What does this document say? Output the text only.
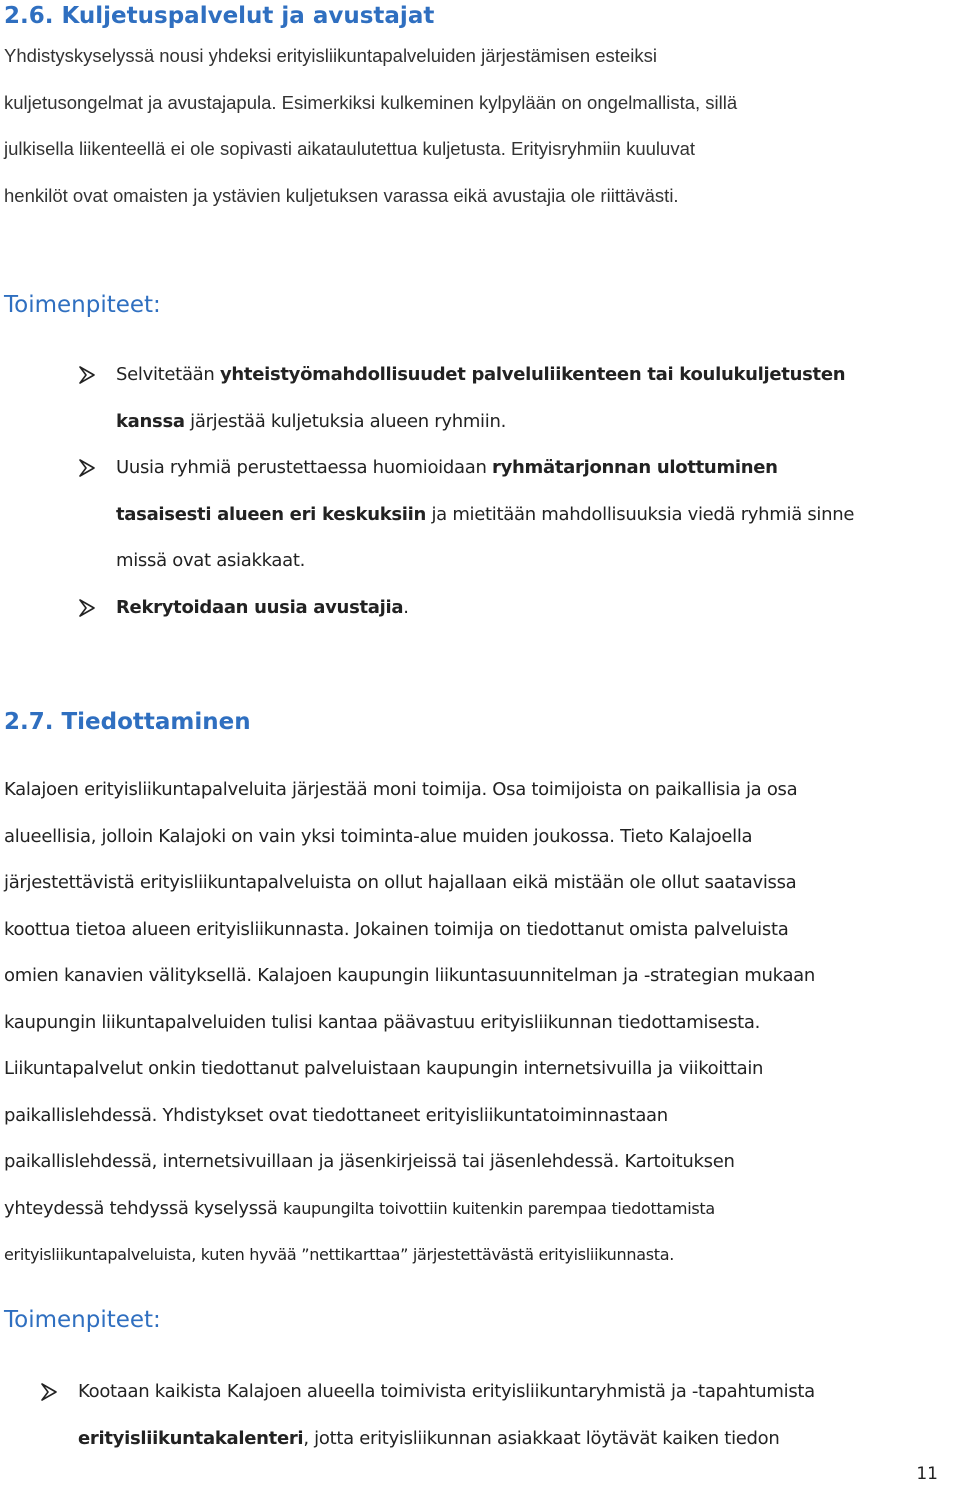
2.6. Kuljetuspalvelut ja avustajat
Yhdistyskyselyssä nousi yhdeksi erityisliikuntapalveluiden järjestämisen esteiksi
kuljetusongelmat ja avustajapula. Esimerkiksi kulkeminen kylpylään on ongelmallista, sillä
julkisella liikenteellä ei ole sopivasti aikataulutettua kuljetusta. Erityisryhmiin kuuluvat
henkilöt ovat omaisten ja ystävien kuljetuksen varassa eikä avustajia ole riittävästi.
Toimenpiteet:
Selvitetään yhteistyömahdollisuudet palveluliikenteen tai koulukuljetusten
kanssa järjestää kuljetuksia alueen ryhmiin.
Uusia ryhmiä perustettaessa huomioidaan ryhmätarjonnan ulottuminen
tasaisesti alueen eri keskuksiin ja mietitään mahdollisuuksia viedä ryhmiä sinne
missä ovat asiakkaat.
Rekrytoidaan uusia avustajia.
2.7. Tiedottaminen
Kalajoen erityisliikuntapalveluita järjestää moni toimija. Osa toimijoista on paikallisia ja osa
alueellisia, jolloin Kalajoki on vain yksi toiminta-alue muiden joukossa. Tieto Kalajoella
järjestettävistä erityisliikuntapalveluista on ollut hajallaan eikä mistään ole ollut saatavissa
koottua tietoa alueen erityisliikunnasta. Jokainen toimija on tiedottanut omista palveluista
omien kanavien välityksellä. Kalajoen kaupungin liikuntasuunnitelman ja -strategian mukaan
kaupungin liikuntapalveluiden tulisi kantaa päävastuu erityisliikunnan tiedottamisesta.
Liikuntapalvelut onkin tiedottanut palveluistaan kaupungin internetsivuilla ja viikoittain
paikallislehdessä. Yhdistykset ovat tiedottaneet erityisliikuntatoiminnastaan
paikallislehdessä, internetsivuillaan ja jäsenkirjeissä tai jäsenlehdessä. Kartoituksen
yhteydessä tehdyssä kyselyssä kaupungilta toivottiin kuitenkin parempaa tiedottamista
erityisliikuntapalveluista, kuten hyvää ”nettikarttaa” järjestettävästä erityisliikunnasta.
Toimenpiteet:
Kootaan kaikista Kalajoen alueella toimivista erityisliikuntaryhmistä ja -tapahtumista
erityisliikuntakalenteri, jotta erityisliikunnan asiakkaat löytävät kaiken tiedon
11
